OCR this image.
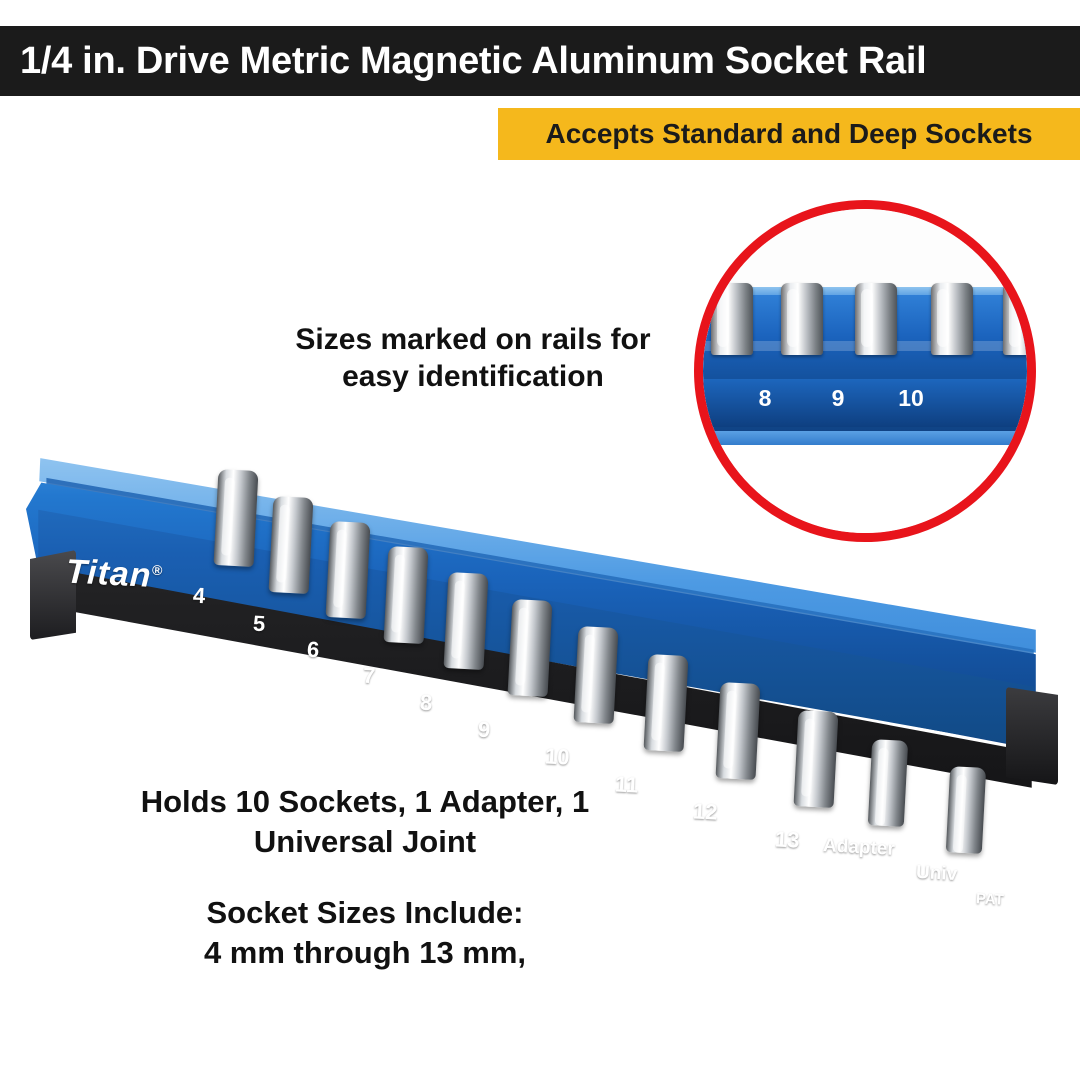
1/4 in. Drive Metric Magnetic Aluminum Socket Rail
Accepts Standard and Deep Sockets
8	9	10
Sizes marked on rails for easy identification
Titan®
4
5
6
7
8
9
10
11
12
13 Adapter
Univ
PAT
Holds 10 Sockets, 1 Adapter, 1 Universal Joint
Socket Sizes Include:
4 mm through 13 mm,
